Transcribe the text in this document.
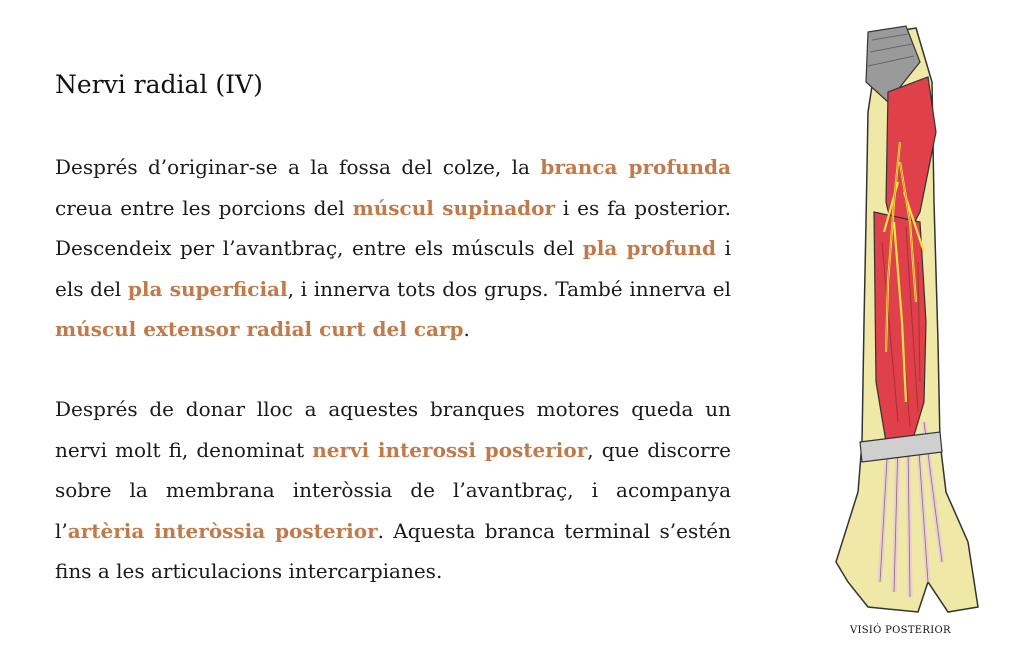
Nervi radial (IV)

Després d’originar-se a la fossa del colze, la branca profunda creua entre les porcions del múscul supinador i es fa posterior. Descendeix per l’avantbraç, entre els músculs del pla profund i els del pla superficial, i innerva tots dos grups. També innerva el múscul extensor radial curt del carp.

Després de donar lloc a aquestes branques motores queda un nervi molt fi, denominat nervi interossi posterior, que discorre sobre la membrana interòssia de l’avantbraç, i acompanya l’artèria interòssia posterior. Aquesta branca terminal s’estén fins a les articulacions intercarpianes.

VISIÓ POSTERIOR
